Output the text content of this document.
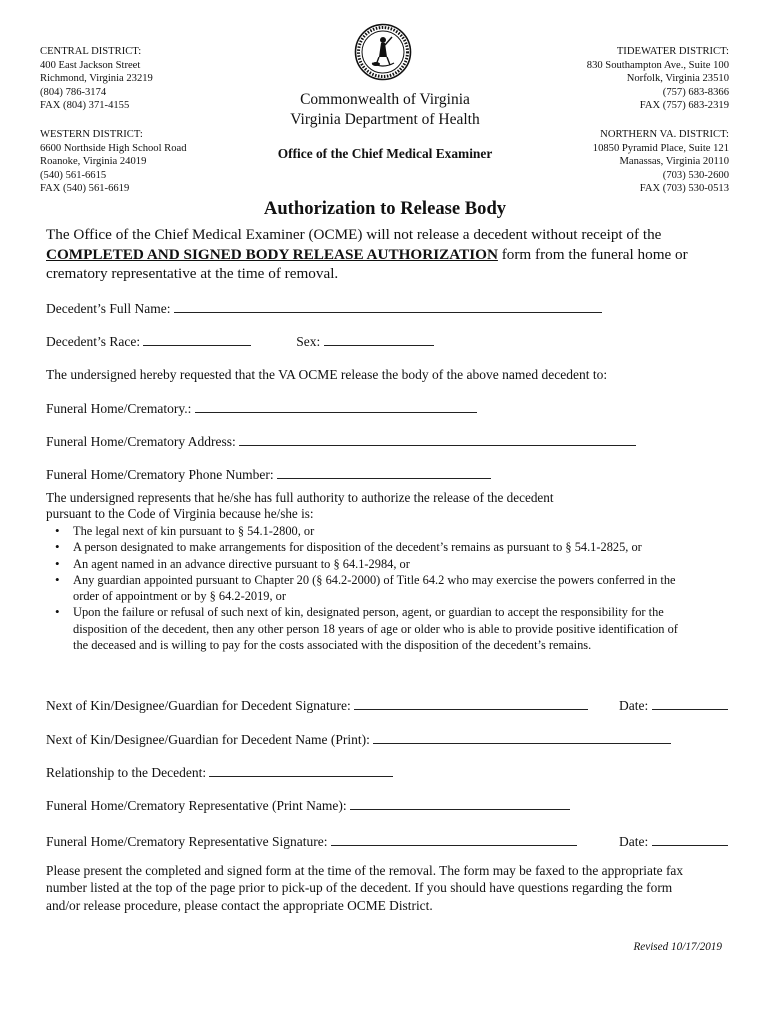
CENTRAL DISTRICT:
400 East Jackson Street
Richmond, Virginia 23219
(804) 786-3174
FAX (804) 371-4155
WESTERN DISTRICT:
6600 Northside High School Road
Roanoke, Virginia 24019
(540) 561-6615
FAX (540) 561-6619
TIDEWATER DISTRICT:
830 Southampton Ave., Suite 100
Norfolk, Virginia 23510
(757) 683-8366
FAX (757) 683-2319
NORTHERN VA. DISTRICT:
10850 Pyramid Place, Suite 121
Manassas, Virginia 20110
(703) 530-2600
FAX (703) 530-0513
Commonwealth of Virginia
Virginia Department of Health
Office of the Chief Medical Examiner
Authorization to Release Body
The Office of the Chief Medical Examiner (OCME) will not release a decedent without receipt of the
COMPLETED AND SIGNED BODY RELEASE AUTHORIZATION form from the funeral home or crematory representative at the time of removal.
Decedent’s Full Name:
Decedent’s Race:	Sex:
The undersigned hereby requested that the VA OCME release the body of the above named decedent to:
Funeral Home/Crematory.:
Funeral Home/Crematory Address:
Funeral Home/Crematory Phone Number:
The undersigned represents that he/she has full authority to authorize the release of the decedent
pursuant to the Code of Virginia because he/she is:
• The legal next of kin pursuant to § 54.1-2800, or
• A person designated to make arrangements for disposition of the decedent’s remains as pursuant to § 54.1-2825, or
• An agent named in an advance directive pursuant to § 64.1-2984, or
• Any guardian appointed pursuant to Chapter 20 (§ 64.2-2000) of Title 64.2 who may exercise the powers conferred in the order of appointment or by § 64.2-2019, or
• Upon the failure or refusal of such next of kin, designated person, agent, or guardian to accept the responsibility for the disposition of the decedent, then any other person 18 years of age or older who is able to provide positive identification of the deceased and is willing to pay for the costs associated with the disposition of the decedent’s remains.
Next of Kin/Designee/Guardian for Decedent Signature:	Date:
Next of Kin/Designee/Guardian for Decedent Name (Print):
Relationship to the Decedent:
Funeral Home/Crematory Representative (Print Name):
Funeral Home/Crematory Representative Signature:	Date:
Please present the completed and signed form at the time of the removal. The form may be faxed to the appropriate fax number listed at the top of the page prior to pick-up of the decedent. If you should have questions regarding the form and/or release procedure, please contact the appropriate OCME District.
Revised 10/17/2019
